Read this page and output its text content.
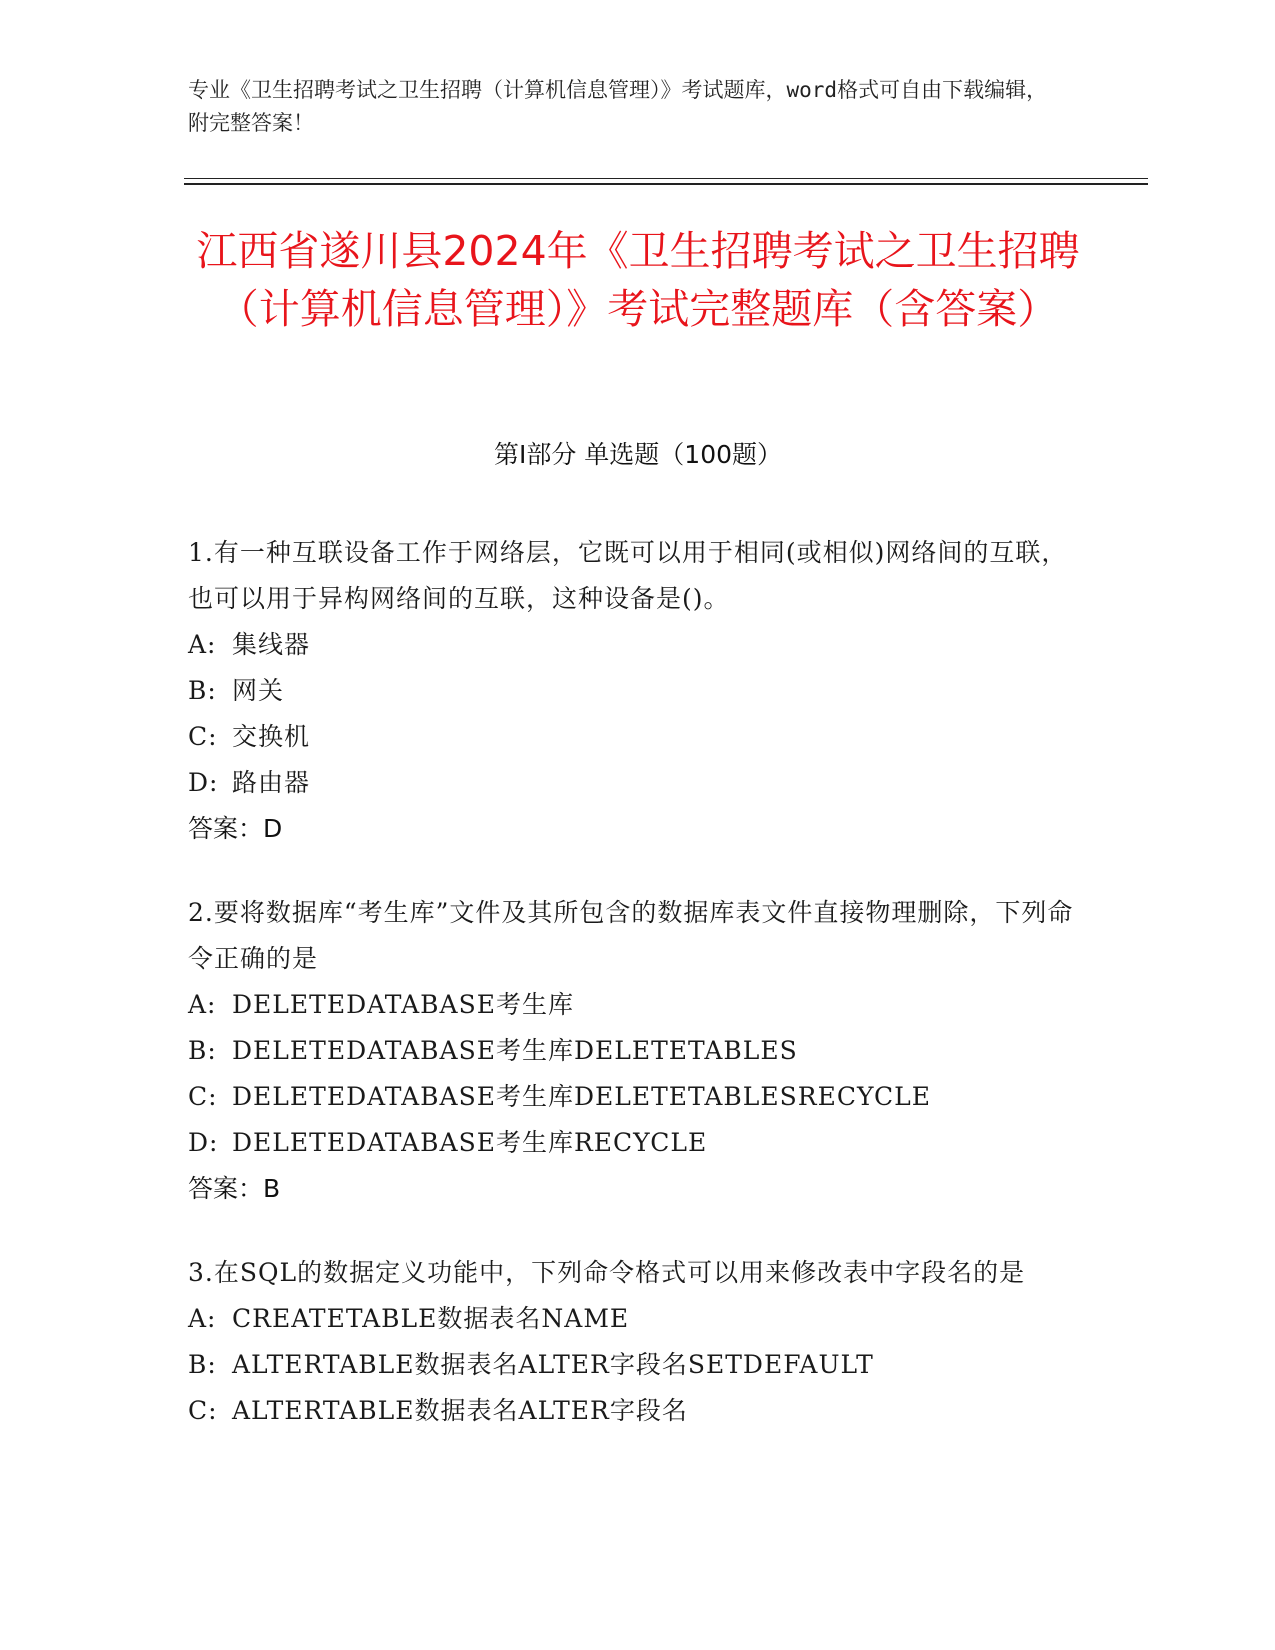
专业《卫生招聘考试之卫生招聘（计算机信息管理）》考试题库，word格式可自由下载编辑，附完整答案！
江西省遂川县2024年《卫生招聘考试之卫生招聘（计算机信息管理）》考试完整题库（含答案）
第I部分 单选题（100题）

1.有一种互联设备工作于网络层，它既可以用于相同(或相似)网络间的互联，也可以用于异构网络间的互联，这种设备是()。

A: 集线器
B: 网关
C: 交换机
D: 路由器
答案：D

2.要将数据库“考生库”文件及其所包含的数据库表文件直接物理删除，下列命令正确的是

A: DELETEDATABASE考生库
B: DELETEDATABASE考生库DELETETABLES
C: DELETEDATABASE考生库DELETETABLESRECYCLE
D: DELETEDATABASE考生库RECYCLE
答案：B

3.在SQL的数据定义功能中，下列命令格式可以用来修改表中字段名的是

A: CREATETABLE数据表名NAME
B: ALTERTABLE数据表名ALTER字段名SETDEFAULT
C: ALTERTABLE数据表名ALTER字段名
